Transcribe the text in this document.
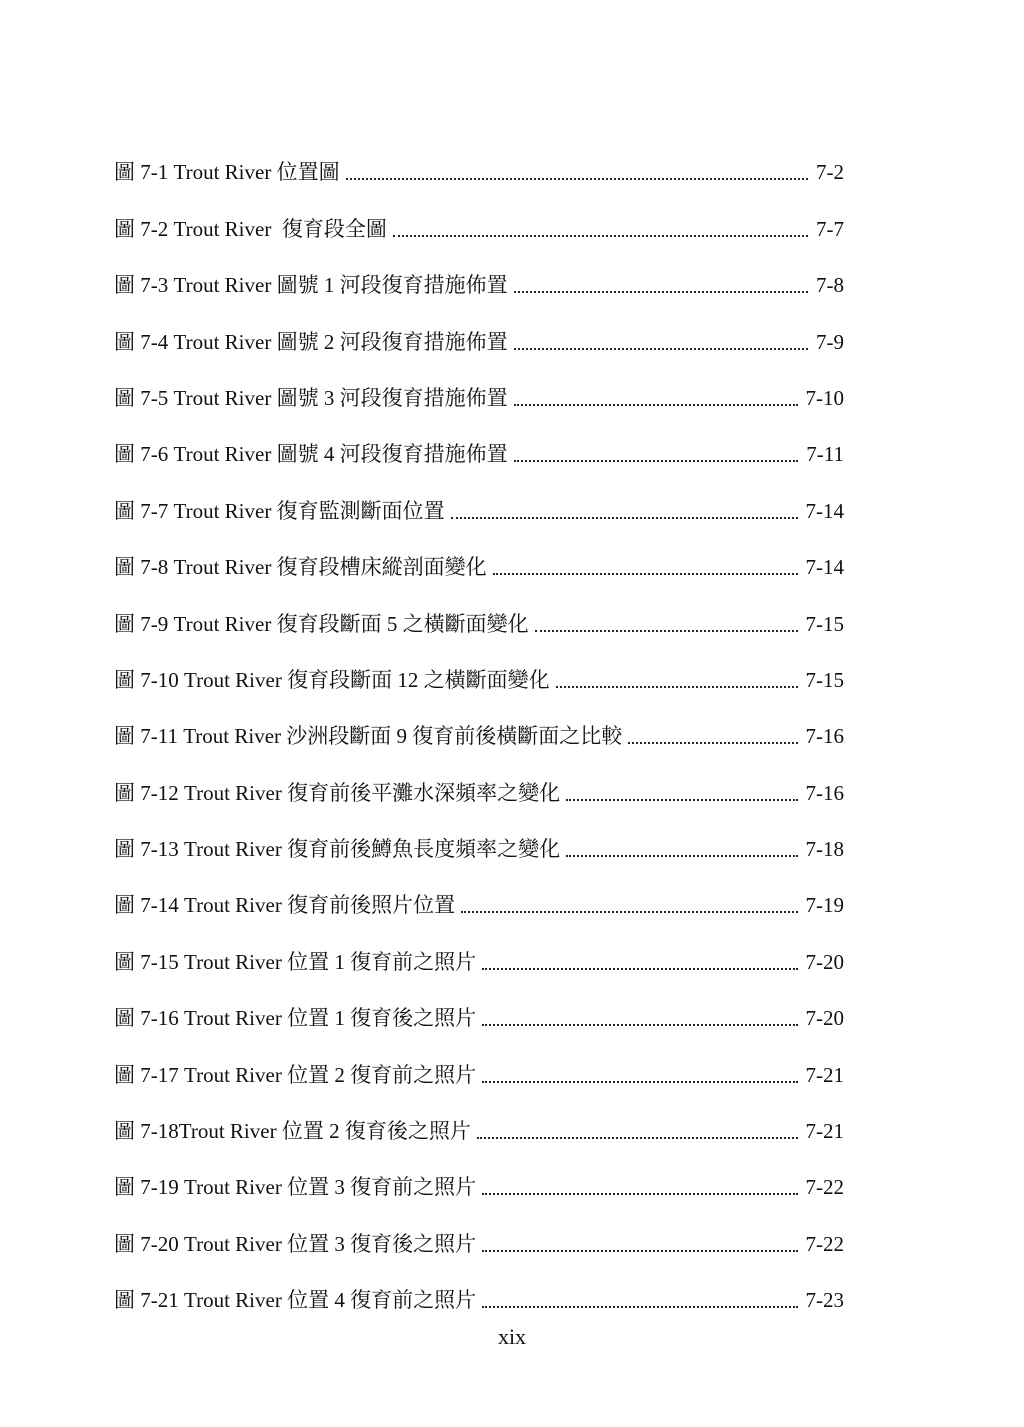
圖 7-1 Trout River 位置圖	7-2
圖 7-2 Trout River  復育段全圖	7-7
圖 7-3 Trout River 圖號 1 河段復育措施佈置	7-8
圖 7-4 Trout River 圖號 2 河段復育措施佈置	7-9
圖 7-5 Trout River 圖號 3 河段復育措施佈置	7-10
圖 7-6 Trout River 圖號 4 河段復育措施佈置	7-11
圖 7-7 Trout River 復育監測斷面位置	7-14
圖 7-8 Trout River 復育段槽床縱剖面變化	7-14
圖 7-9 Trout River 復育段斷面 5 之橫斷面變化	7-15
圖 7-10 Trout River 復育段斷面 12 之橫斷面變化	7-15
圖 7-11 Trout River 沙洲段斷面 9 復育前後橫斷面之比較	7-16
圖 7-12 Trout River 復育前後平灘水深頻率之變化	7-16
圖 7-13 Trout River 復育前後鱒魚長度頻率之變化	7-18
圖 7-14 Trout River 復育前後照片位置	7-19
圖 7-15 Trout River 位置 1 復育前之照片	7-20
圖 7-16 Trout River 位置 1 復育後之照片	7-20
圖 7-17 Trout River 位置 2 復育前之照片	7-21
圖 7-18Trout River 位置 2 復育後之照片	7-21
圖 7-19 Trout River 位置 3 復育前之照片	7-22
圖 7-20 Trout River 位置 3 復育後之照片	7-22
圖 7-21 Trout River 位置 4 復育前之照片	7-23
xix
